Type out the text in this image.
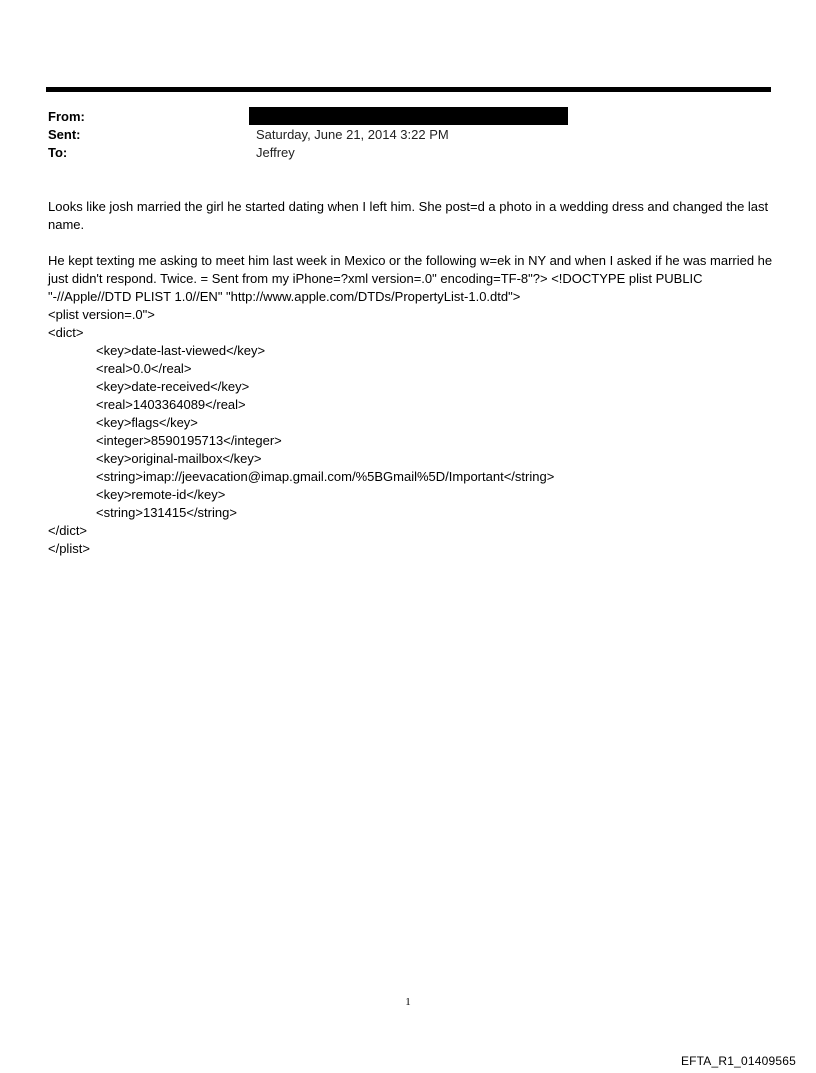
From:
Sent:	Saturday, June 21, 2014 3:22 PM
To:	Jeffrey

Looks like josh married the girl he started dating when I left him. She post=d a photo in a wedding dress and changed the last name.

He kept texting me asking to meet him last week in Mexico or the following w=ek in NY and when I asked if he was married he just didn't respond. Twice. = Sent from my iPhone=?xml version=.0" encoding=TF-8"?> <!DOCTYPE plist PUBLIC "-//Apple//DTD PLIST 1.0//EN" "http://www.apple.com/DTDs/PropertyList-1.0.dtd">

<plist version=.0">
<dict>
<key>date-last-viewed</key>
<real>0.0</real>
<key>date-received</key>
<real>1403364089</real>
<key>flags</key>
<integer>8590195713</integer>
<key>original-mailbox</key>
<string>imap://jeevacation@imap.gmail.com/%5BGmail%5D/Important</string>
<key>remote-id</key>
<string>131415</string>
</dict>
</plist>
1
EFTA_R1_01409565
